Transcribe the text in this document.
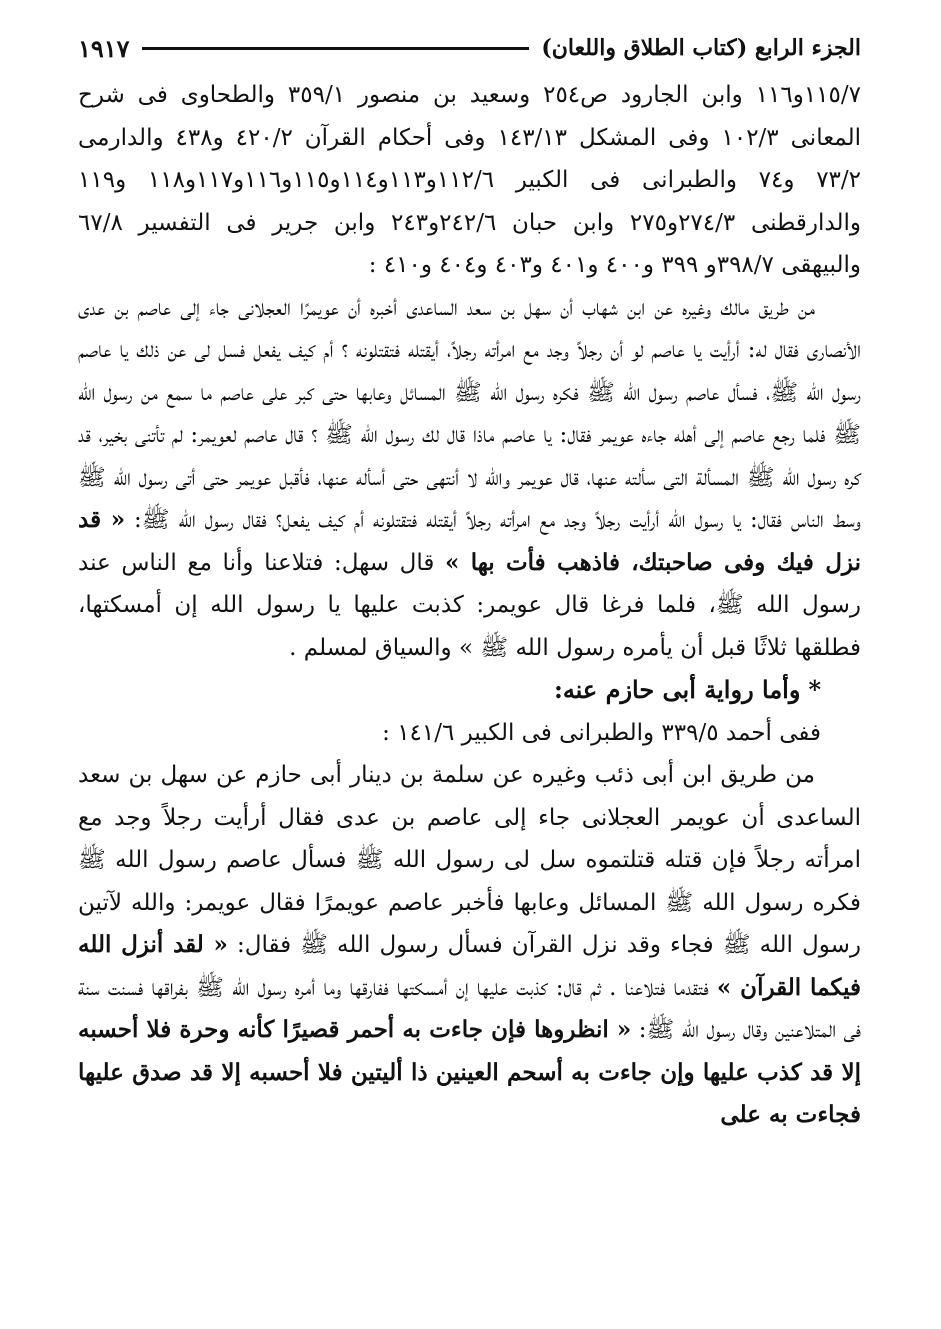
الجزء الرابع (كتاب الطلاق واللعان)
١٩١٧

١١٥/٧و١١٦ وابن الجارود ص٢٥٤ وسعيد بن منصور ٣٥٩/١ والطحاوى فى شرح المعانى ١٠٢/٣ وفى المشكل ١٤٣/١٣ وفى أحكام القرآن ٤٢٠/٢ و٤٣٨ والدارمى ٧٣/٢ و٧٤ والطبرانى فى الكبير ١١٢/٦و١١٣و١١٤و١١٥و١١٦و١١٧و١١٨ و١١٩ والدارقطنى ٢٧٤/٣و٢٧٥ وابن حبان ٢٤٢/٦و٢٤٣ وابن جرير فى التفسير ٦٧/٨ والبيهقى ٣٩٨/٧و ٣٩٩ و٤٠٠ و٤٠١ و٤٠٣ و٤٠٤ و٤١٠ :

من طريق مالك وغيره عن ابن شهاب أن سهل بن سعد الساعدى أخبره أن عويمرًا العجلانى جاء إلى عاصم بن عدى الأنصارى فقال له: أرأيت يا عاصم لو أن رجلاً وجد مع امرأته رجلاً، أيقتله فتقتلونه ؟ أم كيف يفعل فسل لى عن ذلك يا عاصم رسول الله ﷺ، فسأل عاصم رسول الله ﷺ فكره رسول الله ﷺ المسائل وعابها حتى كبر على عاصم ما سمع من رسول الله ﷺ فلما رجع عاصم إلى أهله جاءه عويمر فقال: يا عاصم ماذا قال لك رسول الله ﷺ ؟ قال عاصم لعويمر: لم تأتنى بخير، قد كره رسول الله ﷺ المسألة التى سألته عنها، قال عويمر والله لا أنتهى حتى أسأله عنها، فأقبل عويمر حتى أتى رسول الله ﷺ وسط الناس فقال: يا رسول الله أرأيت رجلاً وجد مع امرأته رجلاً أيقتله فتقتلونه أم كيف يفعل؟ فقال رسول الله ﷺ: « قد نزل فيك وفى صاحبتك، فاذهب فأت بها » قال سهل: فتلاعنا وأنا مع الناس عند رسول الله ﷺ، فلما فرغا قال عويمر: كذبت عليها يا رسول الله إن أمسكتها، فطلقها ثلاثًا قبل أن يأمره رسول الله ﷺ » والسياق لمسلم .

*وأما رواية أبى حازم عنه:
ففى أحمد ٣٣٩/٥ والطبرانى فى الكبير ١٤١/٦ :

من طريق ابن أبى ذئب وغيره عن سلمة بن دينار أبى حازم عن سهل بن سعد الساعدى أن عويمر العجلانى جاء إلى عاصم بن عدى فقال أرأيت رجلاً وجد مع امرأته رجلاً فإن قتله قتلتموه سل لى رسول الله ﷺ فسأل عاصم رسول الله ﷺ فكره رسول الله ﷺ المسائل وعابها فأخبر عاصم عويمرًا فقال عويمر: والله لآتين رسول الله ﷺ فجاء وقد نزل القرآن فسأل رسول الله ﷺ فقال: « لقد أنزل الله فيكما القرآن » فتقدما فتلاعنا . ثم قال: كذبت عليها إن أمسكتها ففارقها وما أمره رسول الله ﷺ بفراقها فسنت سنة فى المتلاعنين وقال رسول الله ﷺ: « انظروها فإن جاءت به أحمر قصيرًا كأنه وحرة فلا أحسبه إلا قد كذب عليها وإن جاءت به أسحم العينين ذا أليتين فلا أحسبه إلا قد صدق عليها فجاءت به على
